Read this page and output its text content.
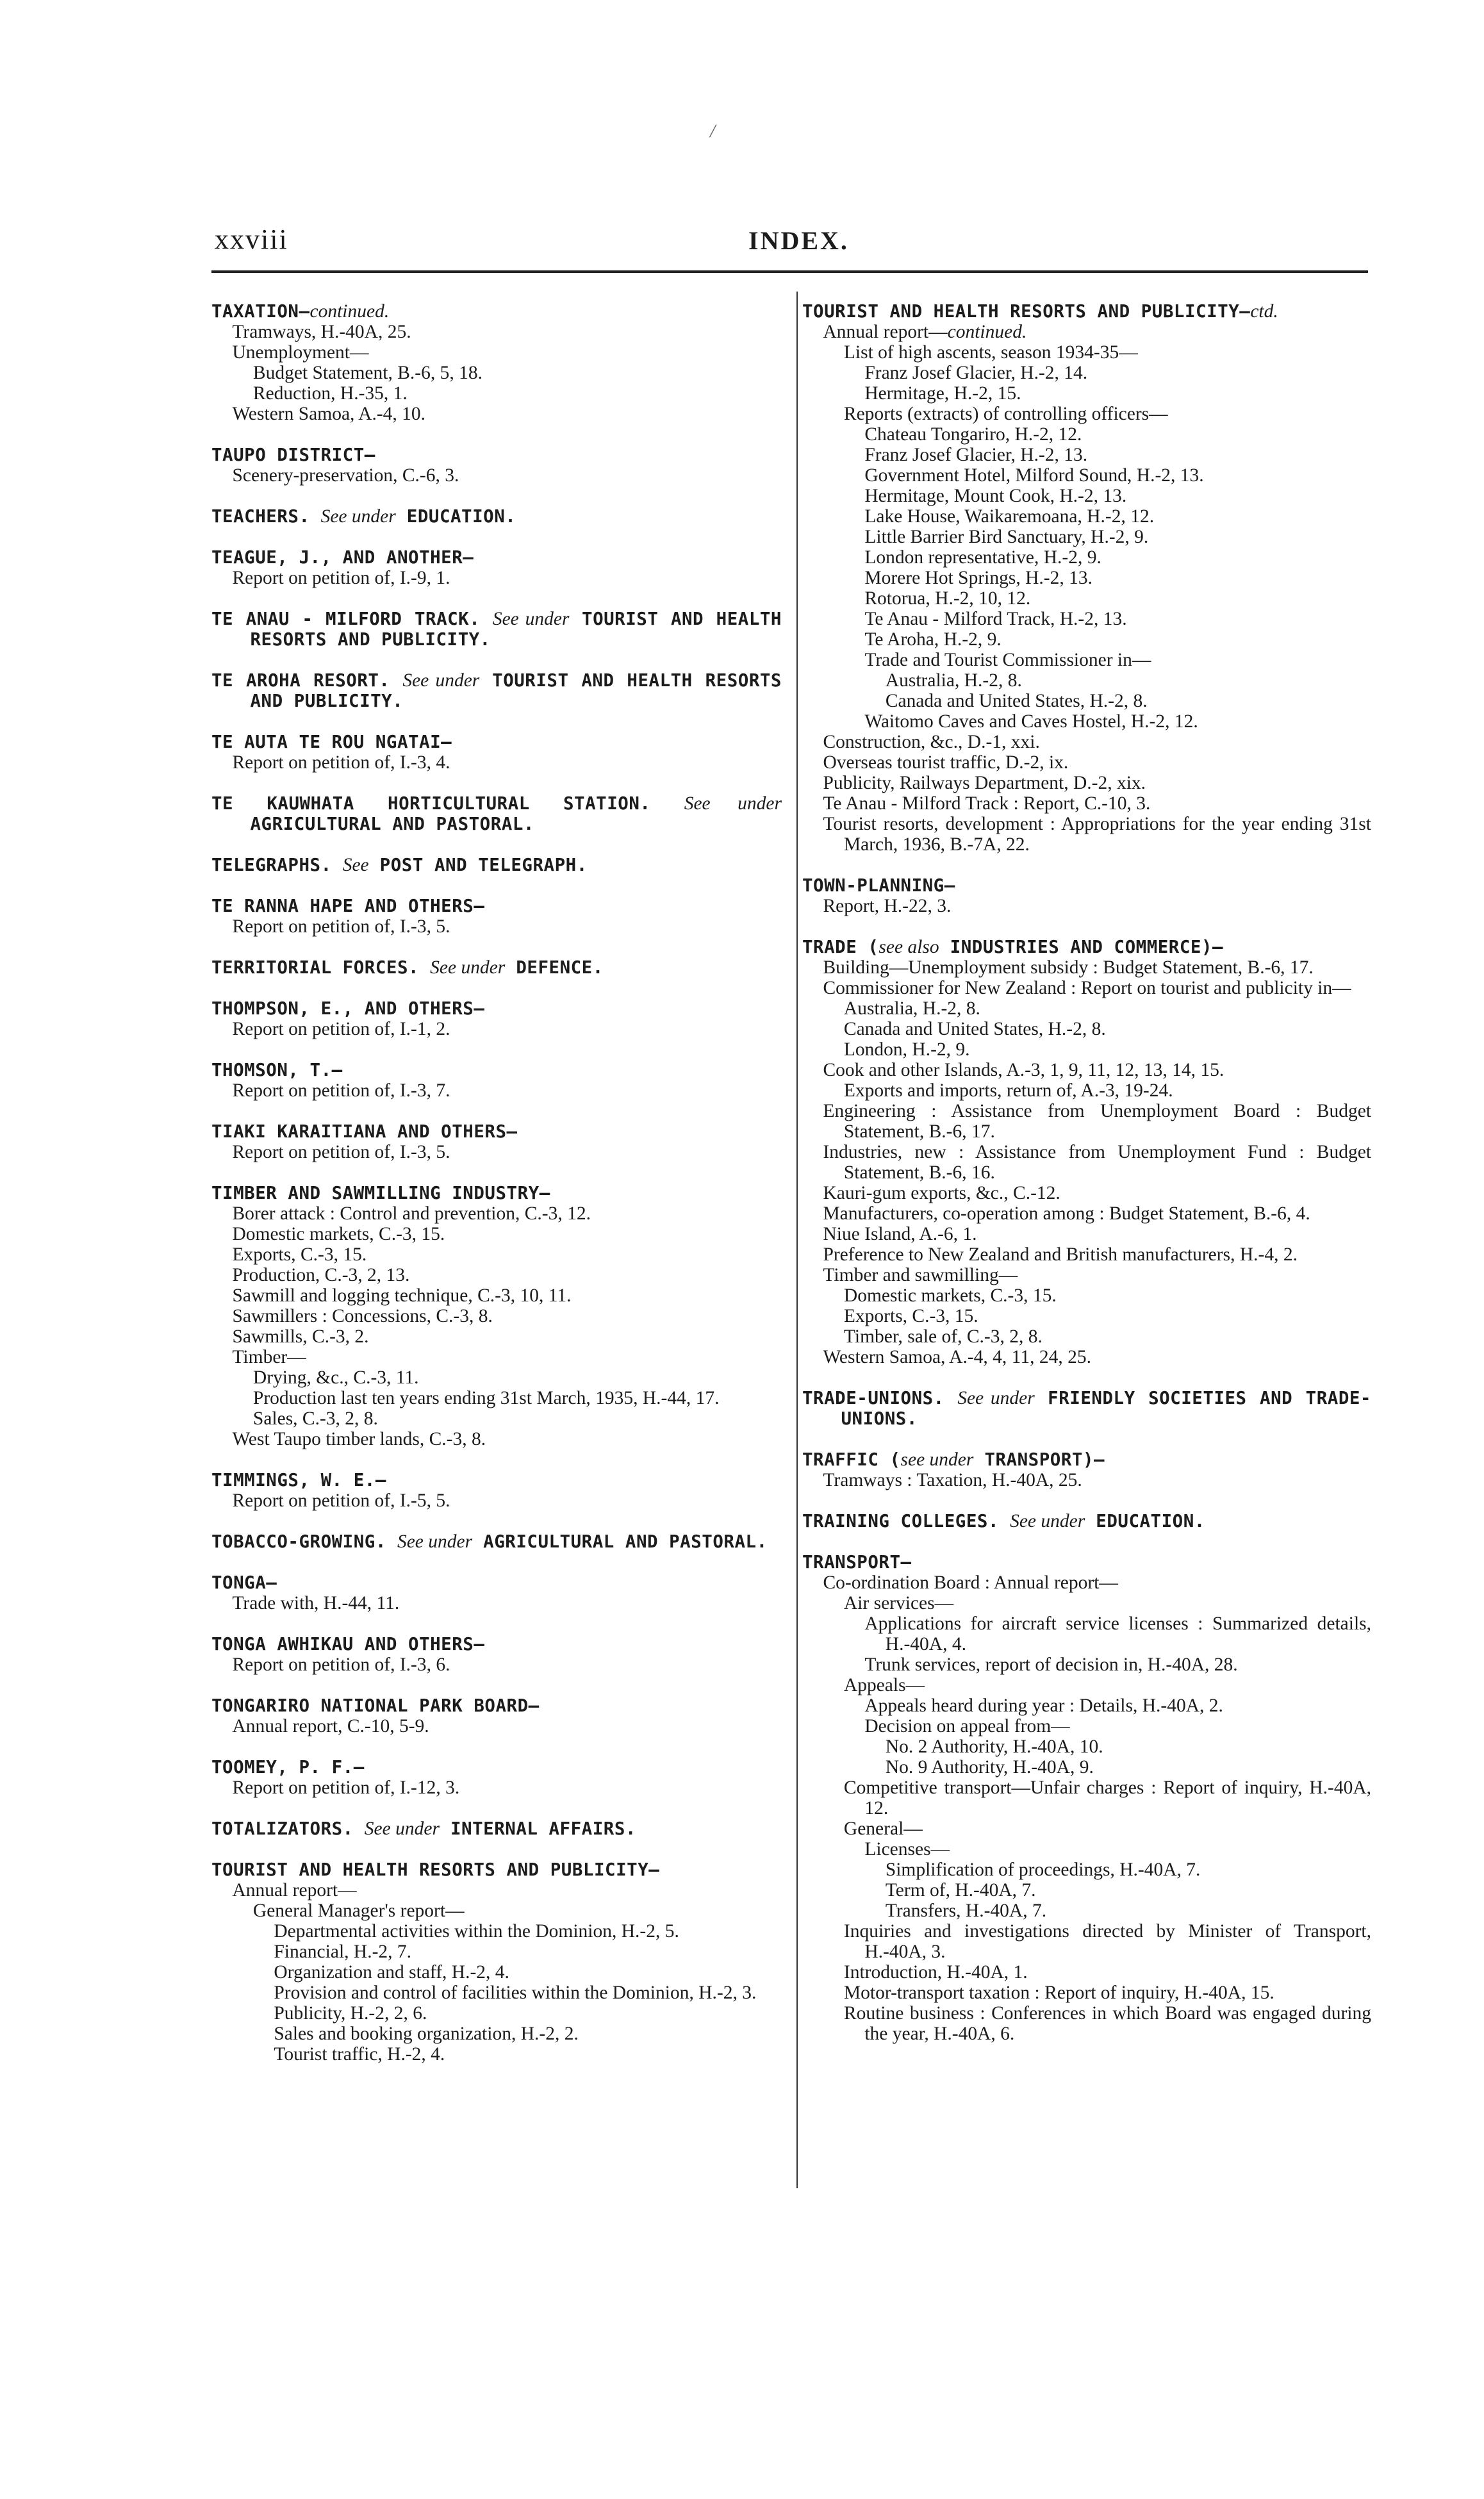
/
xxviii	INDEX.
TAXATION—continued.
Tramways, H.-40A, 25.
Unemployment—
Budget Statement, B.-6, 5, 18.
Reduction, H.-35, 1.
Western Samoa, A.-4, 10.
TAUPO DISTRICT—
Scenery-preservation, C.-6, 3.
TEACHERS. See under EDUCATION.
TEAGUE, J., AND ANOTHER—
Report on petition of, I.-9, 1.
TE ANAU - MILFORD TRACK. See under TOURIST AND HEALTH RESORTS AND PUBLICITY.
TE AROHA RESORT. See under TOURIST AND HEALTH RESORTS AND PUBLICITY.
TE AUTA TE ROU NGATAI—
Report on petition of, I.-3, 4.
TE KAUWHATA HORTICULTURAL STATION. See under AGRICULTURAL AND PASTORAL.
TELEGRAPHS. See POST AND TELEGRAPH.
TE RANNA HAPE AND OTHERS—
Report on petition of, I.-3, 5.
TERRITORIAL FORCES. See under DEFENCE.
THOMPSON, E., AND OTHERS—
Report on petition of, I.-1, 2.
THOMSON, T.—
Report on petition of, I.-3, 7.
TIAKI KARAITIANA AND OTHERS—
Report on petition of, I.-3, 5.
TIMBER AND SAWMILLING INDUSTRY—
Borer attack : Control and prevention, C.-3, 12.
Domestic markets, C.-3, 15.
Exports, C.-3, 15.
Production, C.-3, 2, 13.
Sawmill and logging technique, C.-3, 10, 11.
Sawmillers : Concessions, C.-3, 8.
Sawmills, C.-3, 2.
Timber—
Drying, &c., C.-3, 11.
Production last ten years ending 31st March, 1935, H.-44, 17.
Sales, C.-3, 2, 8.
West Taupo timber lands, C.-3, 8.
TIMMINGS, W. E.—
Report on petition of, I.-5, 5.
TOBACCO-GROWING. See under AGRICULTURAL AND PASTORAL.
TONGA—
Trade with, H.-44, 11.
TONGA AWHIKAU AND OTHERS—
Report on petition of, I.-3, 6.
TONGARIRO NATIONAL PARK BOARD—
Annual report, C.-10, 5-9.
TOOMEY, P. F.—
Report on petition of, I.-12, 3.
TOTALIZATORS. See under INTERNAL AFFAIRS.
TOURIST AND HEALTH RESORTS AND PUBLICITY—
Annual report—
General Manager's report—
Departmental activities within the Dominion, H.-2, 5.
Financial, H.-2, 7.
Organization and staff, H.-2, 4.
Provision and control of facilities within the Dominion, H.-2, 3.
Publicity, H.-2, 2, 6.
Sales and booking organization, H.-2, 2.
Tourist traffic, H.-2, 4.
TOURIST AND HEALTH RESORTS AND PUBLICITY—ctd.
Annual report—continued.
List of high ascents, season 1934-35—
Franz Josef Glacier, H.-2, 14.
Hermitage, H.-2, 15.
Reports (extracts) of controlling officers—
Chateau Tongariro, H.-2, 12.
Franz Josef Glacier, H.-2, 13.
Government Hotel, Milford Sound, H.-2, 13.
Hermitage, Mount Cook, H.-2, 13.
Lake House, Waikaremoana, H.-2, 12.
Little Barrier Bird Sanctuary, H.-2, 9.
London representative, H.-2, 9.
Morere Hot Springs, H.-2, 13.
Rotorua, H.-2, 10, 12.
Te Anau - Milford Track, H.-2, 13.
Te Aroha, H.-2, 9.
Trade and Tourist Commissioner in—
Australia, H.-2, 8.
Canada and United States, H.-2, 8.
Waitomo Caves and Caves Hostel, H.-2, 12.
Construction, &c., D.-1, xxi.
Overseas tourist traffic, D.-2, ix.
Publicity, Railways Department, D.-2, xix.
Te Anau - Milford Track : Report, C.-10, 3.
Tourist resorts, development : Appropriations for the year ending 31st March, 1936, B.-7A, 22.
TOWN-PLANNING—
Report, H.-22, 3.
TRADE (see also INDUSTRIES AND COMMERCE)—
Building—Unemployment subsidy : Budget Statement, B.-6, 17.
Commissioner for New Zealand : Report on tourist and publicity in—
Australia, H.-2, 8.
Canada and United States, H.-2, 8.
London, H.-2, 9.
Cook and other Islands, A.-3, 1, 9, 11, 12, 13, 14, 15.
Exports and imports, return of, A.-3, 19-24.
Engineering : Assistance from Unemployment Board : Budget Statement, B.-6, 17.
Industries, new : Assistance from Unemployment Fund : Budget Statement, B.-6, 16.
Kauri-gum exports, &c., C.-12.
Manufacturers, co-operation among : Budget Statement, B.-6, 4.
Niue Island, A.-6, 1.
Preference to New Zealand and British manufacturers, H.-4, 2.
Timber and sawmilling—
Domestic markets, C.-3, 15.
Exports, C.-3, 15.
Timber, sale of, C.-3, 2, 8.
Western Samoa, A.-4, 4, 11, 24, 25.
TRADE-UNIONS. See under FRIENDLY SOCIETIES AND TRADE-UNIONS.
TRAFFIC (see under TRANSPORT)—
Tramways : Taxation, H.-40A, 25.
TRAINING COLLEGES. See under EDUCATION.
TRANSPORT—
Co-ordination Board : Annual report—
Air services—
Applications for aircraft service licenses : Summarized details, H.-40A, 4.
Trunk services, report of decision in, H.-40A, 28.
Appeals—
Appeals heard during year : Details, H.-40A, 2.
Decision on appeal from—
No. 2 Authority, H.-40A, 10.
No. 9 Authority, H.-40A, 9.
Competitive transport—Unfair charges : Report of inquiry, H.-40A, 12.
General—
Licenses—
Simplification of proceedings, H.-40A, 7.
Term of, H.-40A, 7.
Transfers, H.-40A, 7.
Inquiries and investigations directed by Minister of Transport, H.-40A, 3.
Introduction, H.-40A, 1.
Motor-transport taxation : Report of inquiry, H.-40A, 15.
Routine business : Conferences in which Board was engaged during the year, H.-40A, 6.
